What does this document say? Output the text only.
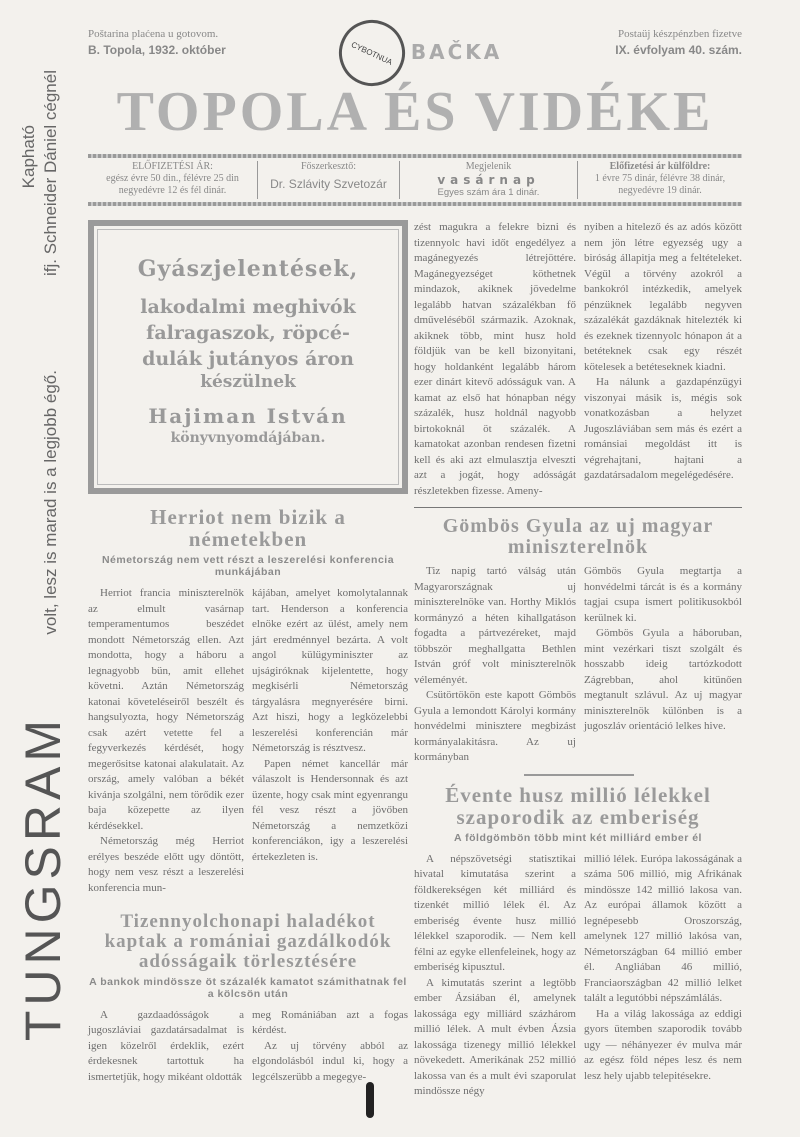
Kapható ifj. Schneider Dániel cégnél
volt, lesz is marad is a legjobb égő.
TUNGSRAM
Poštarina plaćena u gotovom.
B. Topola, 1932. október	CYBOTNUA BAČKA
Postaüj készpénzben fizetve
IX. évfolyam 40. szám.
TOPOLA ÉS VIDÉKE
ELŐFIZETÉSI ÁR:
egész évre 50 din., félévre 25 din
negyedévre 12 és fél dinár.
Főszerkesztő:
Dr. Szlávity Szvetozár
Megjelenik
vasárnap
Egyes szám ára 1 dinár.
Előfizetési ár külföldre:
1 évre 75 dinár, félévre 38 dinár,
negyedévre 19 dinár.
Gyászjelentések,
lakodalmi meghivók
falragaszok, röpcé-
dulák jutányos áron
készülnek
Hajiman István
könyvnyomdájában.
Herriot nem bizik a németekben
Németország nem vett részt a leszerelési konferencia munkájában

Herriot francia miniszterelnök az elmult vasárnap temperamentumos beszédet mondott Németország ellen. Azt mondotta, hogy a háboru a legnagyobb bün, amit ellehet követni. Aztán Németország katonai követeléseiről beszélt és hangsulyozta, hogy Németország csak azért vetette fel a fegyverkezés kérdését, hogy megerősitse katonai alakulatait. Az ország, amely valóban a békét kivánja szolgálni, nem törődik ezer baja közepette az ilyen kérdésekkel.

Németország még Herriot erélyes beszéde előtt ugy döntött, hogy nem vesz részt a leszerelési konferencia mun-

kájában, amelyet komolytalannak tart. Henderson a konferencia elnöke ezért az ülést, amely nem járt eredménnyel bezárta. A volt angol külügyminiszter az ujságiróknak kijelentette, hogy megkisérli Németország tárgyalásra megnyerésére birni. Azt hiszi, hogy a legközelebbi leszerelési konferencián már Németország is résztvesz.

Papen német kancellár már válaszolt is Hendersonnak és azt üzente, hogy csak mint egyenrangu fél vesz részt a jövőben Németország a nemzetközi konferenciákon, igy a leszerelési értekezleten is.

Tizennyolchonapi haladékot kaptak a romániai gazdálkodók adósságaik törlesztésére
A bankok mindössze öt százalék kamatot számithatnak fel a kölcsön után

A gazdaadósságok a jugoszláviai gazdatársadalmat is igen közelről érdeklik, ezért érdekesnek tartottuk ha ismertetjük, hogy mikéant oldották

meg Romániában azt a fogas kérdést.

Az uj törvény abból az elgondolásból indul ki, hogy a legcélszerübb a megegye-

zést magukra a felekre bizni és tizennyolc havi időt engedélyez a magánegyezés létrejöttére. Magánegyezséget köthetnek mindazok, akiknek jövedelme legalább hatvan százalékban fő dműveléséből származik. Azoknak, akiknek több, mint husz hold földjük van be kell bizonyitani, hogy holdanként legalább három ezer dinárt kitevő adósságuk van. A kamat az első hat hónapban négy százalék, husz holdnál nagyobb birtokoknál öt százalék. A kamatokat azonban rendesen fizetni kell és aki azt elmulasztja elveszti azt a jogát, hogy adósságát részletekben fizesse. Ameny-

nyiben a hitelező és az adós között nem jön létre egyezség ugy a biróság állapitja meg a feltételeket. Végül a törvény azokról a bankokról intézkedik, amelyek pénzüknek legalább negyven százalékát gazdáknak hitelezték ki és ezeknek tizennyolc hónapon át a betéteknek csak egy részét kötelesek a betéteseknek kiadni.

Ha nálunk a gazdapénzügyi viszonyai másik is, mégis sok vonatkozásban a helyzet Jugoszláviában sem más és ezért a románsiai megoldást itt is végrehajtani, hajtani a gazdatársadalom megelégedésére.

Gömbös Gyula az uj magyar miniszterelnök

Tiz napig tartó válság után Magyarországnak uj miniszterelnöke van. Horthy Miklós kormányzó a héten kihallgatáson fogadta a pártvezéreket, majd többször meghallgatta Bethlen István gróf volt miniszterelnök véleményét.

Csütörtökön este kapott Gömbös Gyula a lemondott Károlyi kormány honvédelmi minisztere megbizást kormányalakitásra. Az uj kormányban

Gömbös Gyula megtartja a honvédelmi tárcát is és a kormány tagjai csupa ismert politikusokból kerülnek ki.

Gömbös Gyula a háboruban, mint vezérkari tiszt szolgált és hosszabb ideig tartózkodott Zágrebban, ahol kitünően megtanult szlávul. Az uj magyar miniszterelnök különben is a jugoszláv orientáció lelkes hive.

Évente husz millió lélekkel szaporodik az emberiség
A földgömbön több mint két milliárd ember él

A népszövetségi statisztikai hivatal kimutatása szerint a földkerekségen két milliárd és tizenkét millió lélek él. Az emberiség évente husz millió lélekkel szaporodik. — Nem kell félni az egyke ellenfeleinek, hogy az emberiség kipusztul.

A kimutatás szerint a legtöbb ember Ázsiában él, amelynek lakossága egy milliárd százhárom millió lélek. A mult évben Ázsia lakossága tizenegy millió lélekkel növekedett. Amerikának 252 millió lakossa van és a mult évi szaporulat mindössze négy

millió lélek. Európa lakosságának a száma 506 millió, mig Afrikának mindössze 142 millió lakosa van. Az európai államok között a legnépesebb Oroszország, amelynek 127 millió lakósa van, Németországban 64 millió ember él. Angliában 46 millió, Franciaországban 42 millió lelket talált a legutóbbi népszámlálás.

Ha a világ lakossága az eddigi gyors ütemben szaporodik tovább ugy — néhányezer év mulva már az egész föld népes lesz és nem lesz hely ujabb telepitésekre.
